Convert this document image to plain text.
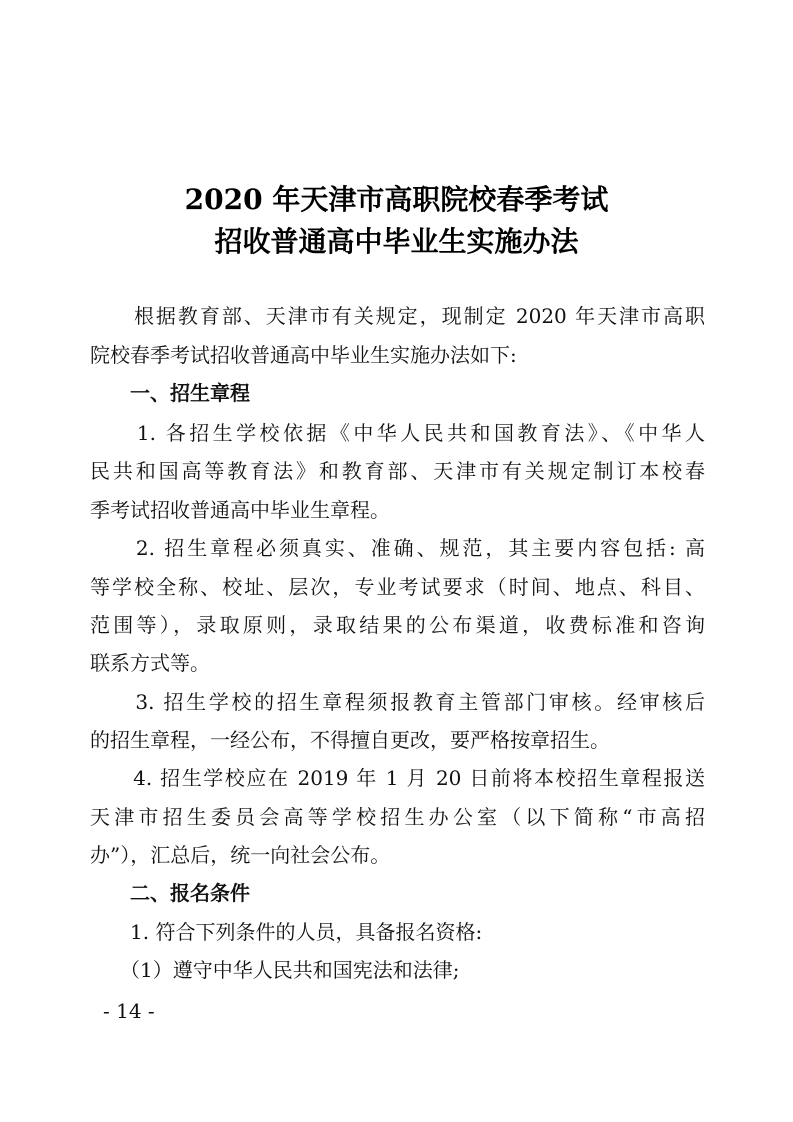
2020 年天津市高职院校春季考试
招收普通高中毕业生实施办法
　　根据教育部、天津市有关规定，现制定 2020 年天津市高职
院校春季考试招收普通高中毕业生实施办法如下:
　　一、招生章程
　　1. 各招生学校依据《中华人民共和国教育法》、《中华人
民共和国高等教育法》和教育部、天津市有关规定制订本校春
季考试招收普通高中毕业生章程。
　　2. 招生章程必须真实、准确、规范，其主要内容包括: 高
等学校全称、校址、层次，专业考试要求（时间、地点、科目、
范围等），录取原则，录取结果的公布渠道，收费标准和咨询
联系方式等。
　　3. 招生学校的招生章程须报教育主管部门审核。经审核后
的招生章程，一经公布，不得擅自更改，要严格按章招生。
　　4. 招生学校应在 2019 年 1 月 20 日前将本校招生章程报送
天津市招生委员会高等学校招生办公室（以下简称“市高招
办”），汇总后，统一向社会公布。
　　二、报名条件
　　1. 符合下列条件的人员，具备报名资格:
　　（1）遵守中华人民共和国宪法和法律;
- 14 -
